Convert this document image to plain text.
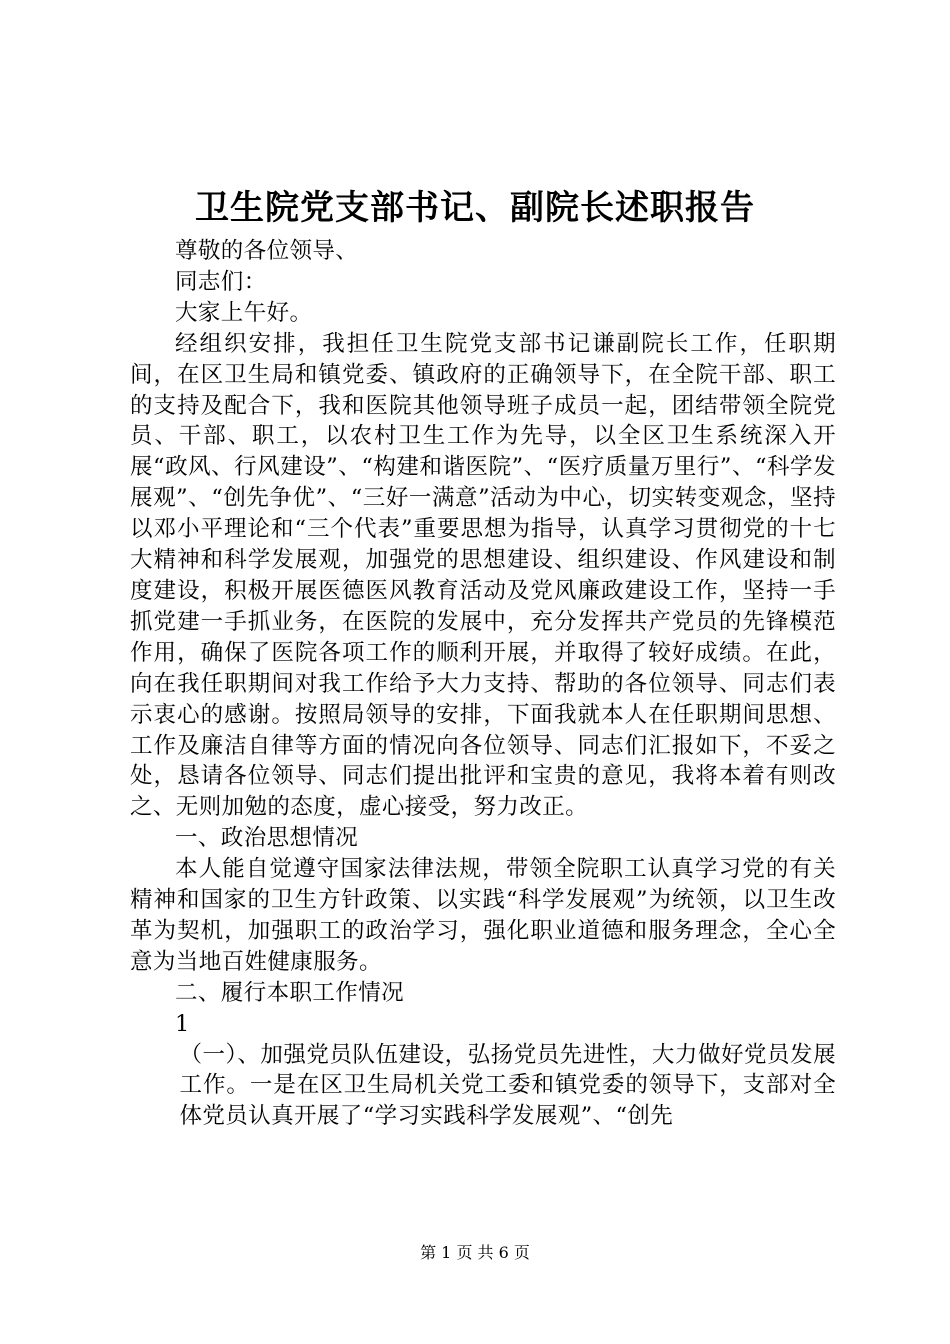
卫生院党支部书记、副院长述职报告

尊敬的各位领导、

同志们：

大家上午好。

经组织安排，我担任卫生院党支部书记谦副院长工作，任职期间，在区卫生局和镇党委、镇政府的正确领导下，在全院干部、职工的支持及配合下，我和医院其他领导班子成员一起，团结带领全院党员、干部、职工，以农村卫生工作为先导，以全区卫生系统深入开展“政风、行风建设”、“构建和谐医院”、“医疗质量万里行”、“科学发展观”、“创先争优”、“三好一满意”活动为中心，切实转变观念，坚持以邓小平理论和“三个代表”重要思想为指导，认真学习贯彻党的十七大精神和科学发展观，加强党的思想建设、组织建设、作风建设和制度建设，积极开展医德医风教育活动及党风廉政建设工作，坚持一手抓党建一手抓业务，在医院的发展中，充分发挥共产党员的先锋模范作用，确保了医院各项工作的顺利开展，并取得了较好成绩。在此，向在我任职期间对我工作给予大力支持、帮助的各位领导、同志们表示衷心的感谢。按照局领导的安排，下面我就本人在任职期间思想、工作及廉洁自律等方面的情况向各位领导、同志们汇报如下，不妥之处，恳请各位领导、同志们提出批评和宝贵的意见，我将本着有则改之、无则加勉的态度，虚心接受，努力改正。

一、政治思想情况

本人能自觉遵守国家法律法规，带领全院职工认真学习党的有关精神和国家的卫生方针政策、以实践“科学发展观”为统领，以卫生改革为契机，加强职工的政治学习，强化职业道德和服务理念，全心全意为当地百姓健康服务。

二、履行本职工作情况

1

（一）、加强党员队伍建设，弘扬党员先进性，大力做好党员发展工作。一是在区卫生局机关党工委和镇党委的领导下，支部对全体党员认真开展了“学习实践科学发展观”、“创先

第 1 页 共 6 页
